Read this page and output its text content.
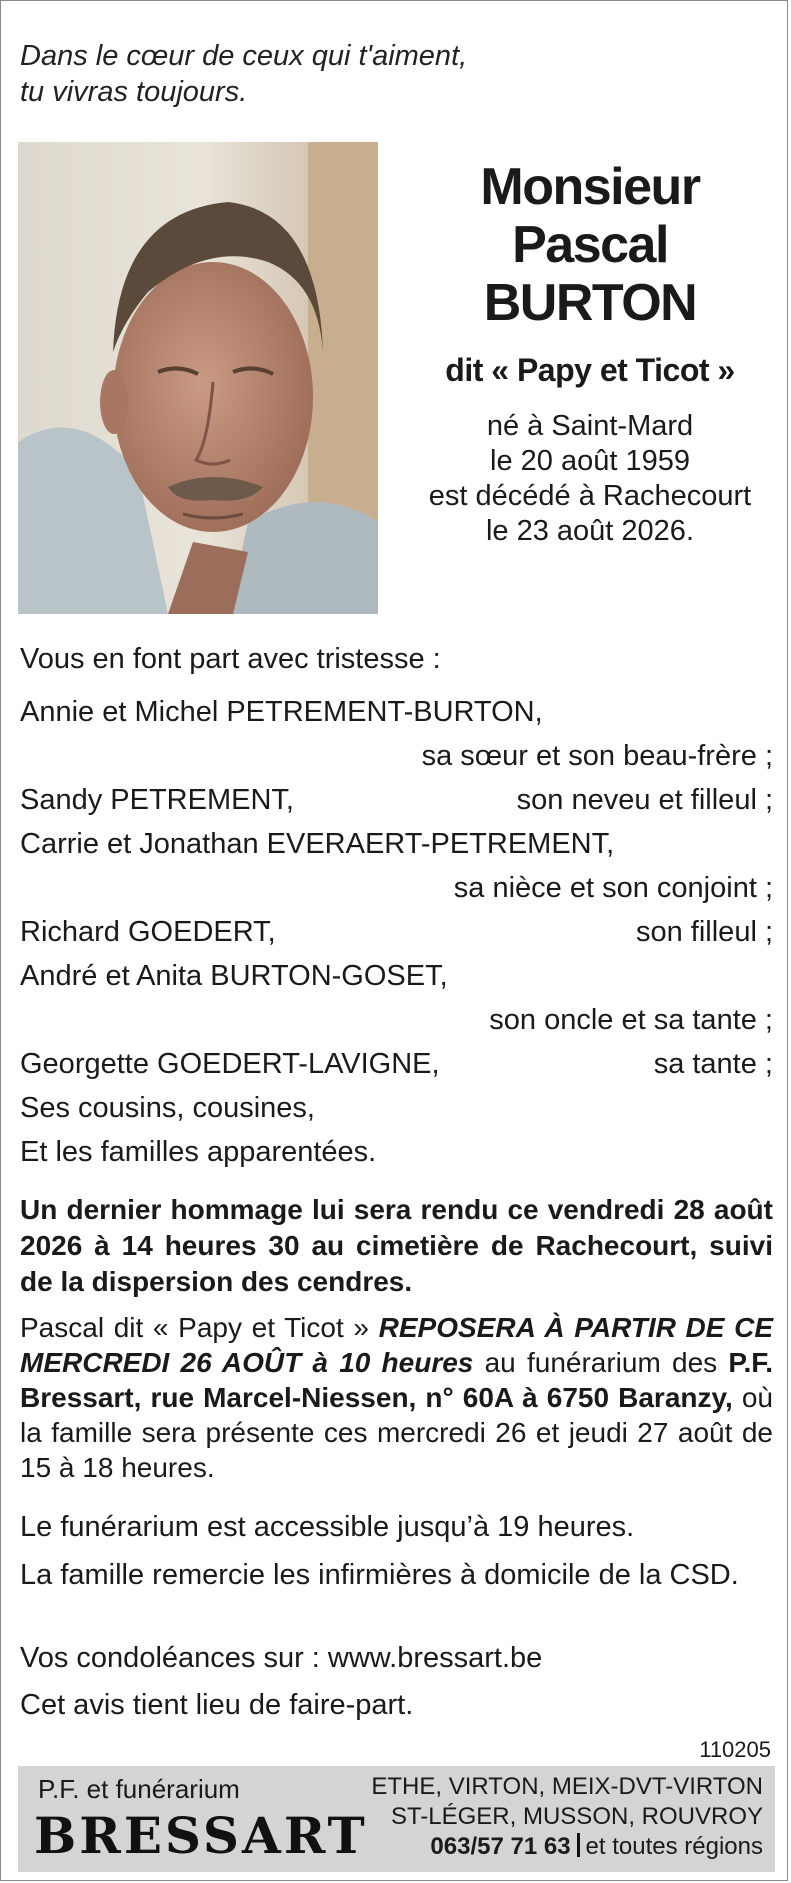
Dans le cœur de ceux qui t'aiment,
tu vivras toujours.
Monsieur
Pascal
BURTON
dit « Papy et Ticot »
né à Saint-Mard
le 20 août 1959
est décédé à Rachecourt
le 23 août 2026.
Vous en font part avec tristesse :
Annie et Michel PETREMENT-BURTON,
sa sœur et son beau-frère ;
Sandy PETREMENT,	son neveu et filleul ;
Carrie et Jonathan EVERAERT-PETREMENT,
sa nièce et son conjoint ;
Richard GOEDERT,	son filleul ;
André et Anita BURTON-GOSET,
son oncle et sa tante ;
Georgette GOEDERT-LAVIGNE,	sa tante ;
Ses cousins, cousines,
Et les familles apparentées.
Un dernier hommage lui sera rendu ce vendredi 28 août 2026 à 14 heures 30 au cimetière de Rachecourt, suivi de la dispersion des cendres.
Pascal dit « Papy et Ticot » REPOSERA À PARTIR DE CE MERCREDI 26 AOÛT à 10 heures au funérarium des P.F. Bressart, rue Marcel-Niessen, n° 60A à 6750 Baranzy, où la famille sera présente ces mercredi 26 et jeudi 27 août de 15 à 18 heures.
Le funérarium est accessible jusqu’à 19 heures.
La famille remercie les infirmières à domicile de la CSD.
Vos condoléances sur : www.bressart.be
Cet avis tient lieu de faire-part.
110205
P.F. et funérarium
BRESSART
ETHE, VIRTON, MEIX-DVT-VIRTON
ST-LÉGER, MUSSON, ROUVROY
063/57 71 63 et toutes régions
